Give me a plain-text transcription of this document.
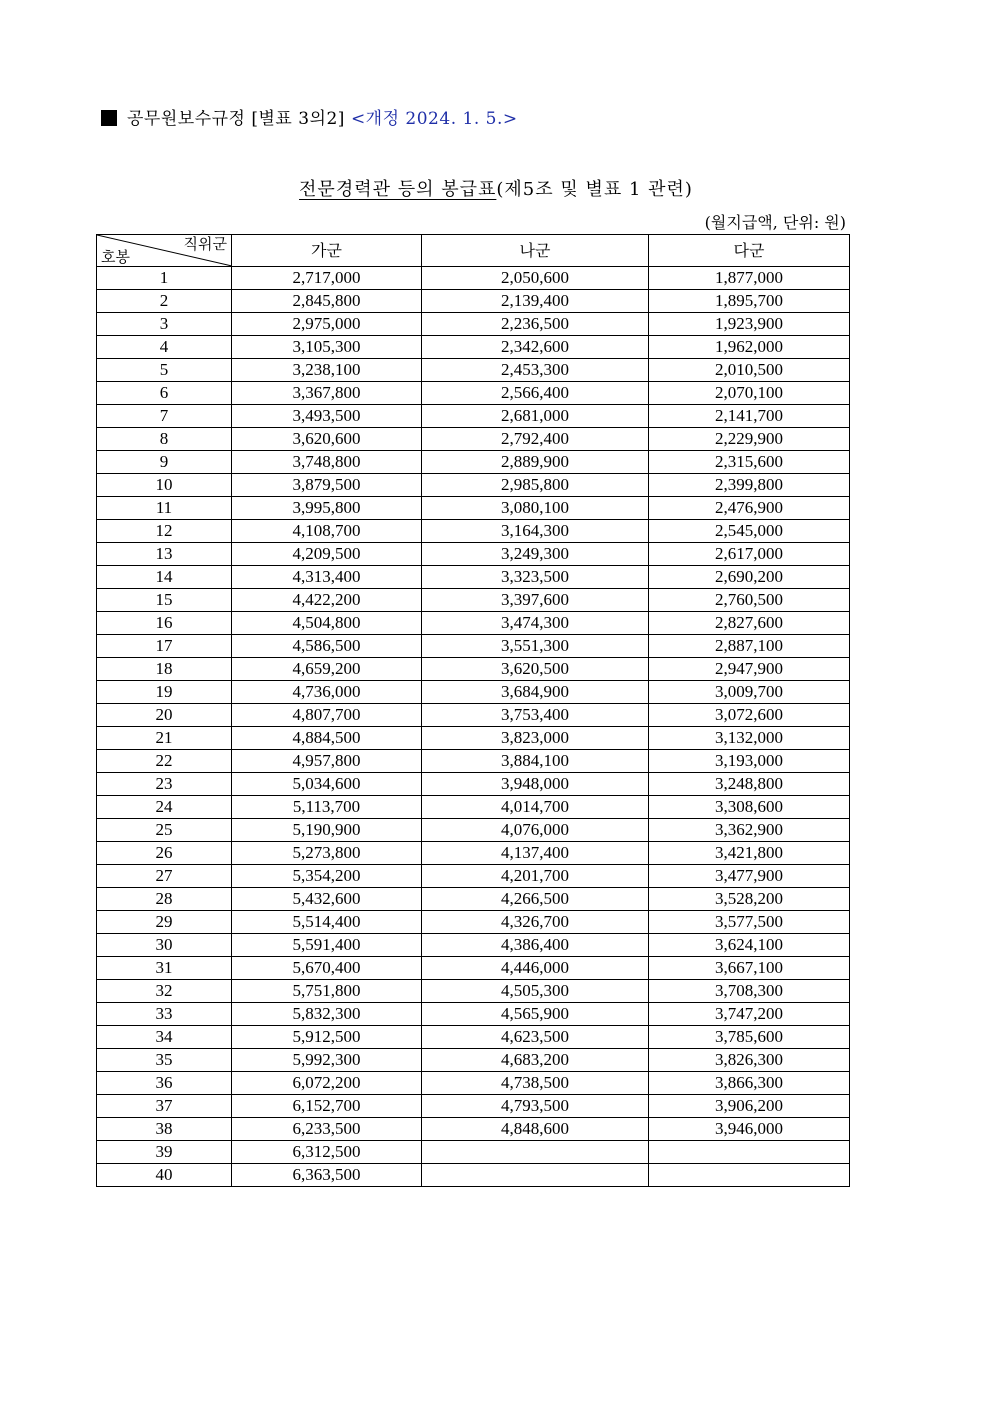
공무원보수규정 [별표 3의2] <개정 2024. 1. 5.>
전문경력관 등의 봉급표(제5조 및 별표 1 관련)
(월지급액, 단위: 원)
직위군
호봉	가군	나군	다군
1	2,717,000	2,050,600	1,877,000
2	2,845,800	2,139,400	1,895,700
3	2,975,000	2,236,500	1,923,900
4	3,105,300	2,342,600	1,962,000
5	3,238,100	2,453,300	2,010,500
6	3,367,800	2,566,400	2,070,100
7	3,493,500	2,681,000	2,141,700
8	3,620,600	2,792,400	2,229,900
9	3,748,800	2,889,900	2,315,600
10	3,879,500	2,985,800	2,399,800
11	3,995,800	3,080,100	2,476,900
12	4,108,700	3,164,300	2,545,000
13	4,209,500	3,249,300	2,617,000
14	4,313,400	3,323,500	2,690,200
15	4,422,200	3,397,600	2,760,500
16	4,504,800	3,474,300	2,827,600
17	4,586,500	3,551,300	2,887,100
18	4,659,200	3,620,500	2,947,900
19	4,736,000	3,684,900	3,009,700
20	4,807,700	3,753,400	3,072,600
21	4,884,500	3,823,000	3,132,000
22	4,957,800	3,884,100	3,193,000
23	5,034,600	3,948,000	3,248,800
24	5,113,700	4,014,700	3,308,600
25	5,190,900	4,076,000	3,362,900
26	5,273,800	4,137,400	3,421,800
27	5,354,200	4,201,700	3,477,900
28	5,432,600	4,266,500	3,528,200
29	5,514,400	4,326,700	3,577,500
30	5,591,400	4,386,400	3,624,100
31	5,670,400	4,446,000	3,667,100
32	5,751,800	4,505,300	3,708,300
33	5,832,300	4,565,900	3,747,200
34	5,912,500	4,623,500	3,785,600
35	5,992,300	4,683,200	3,826,300
36	6,072,200	4,738,500	3,866,300
37	6,152,700	4,793,500	3,906,200
38	6,233,500	4,848,600	3,946,000
39	6,312,500		
40	6,363,500		
